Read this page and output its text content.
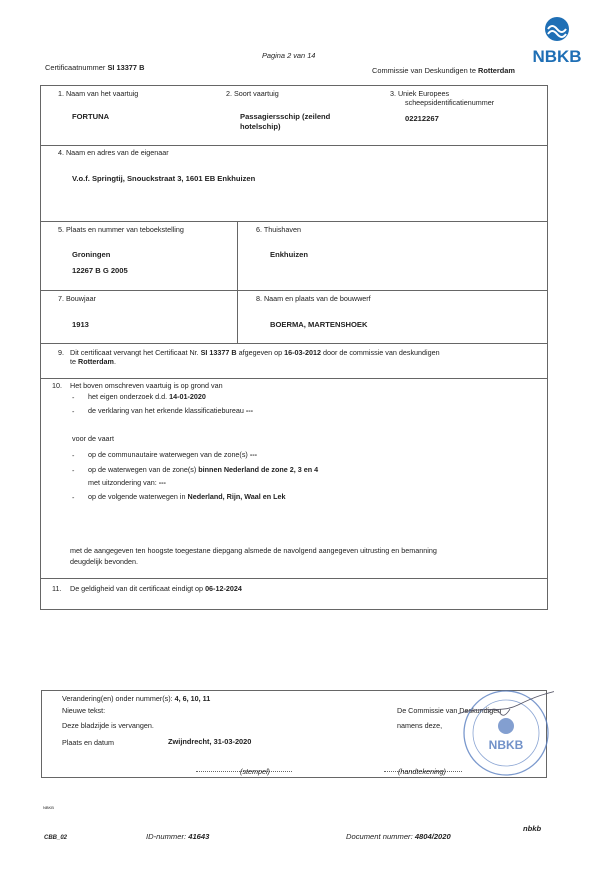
Pagina 2 van 14
Certificaatnummer SI 13377 B	Commissie van Deskundigen te Rotterdam
NBKB
1. Naam van het vaartuig
FORTUNA
2. Soort vaartuig
Passagiersschip (zeilend
hotelschip)
3. Uniek Europees
scheepsidentificatienummer
02212267
4. Naam en adres van de eigenaar
V.o.f. Springtij, Snouckstraat 3, 1601 EB Enkhuizen
5. Plaats en nummer van teboekstelling
Groningen
12267 B G 2005
6. Thuishaven
Enkhuizen
7. Bouwjaar
1913
8. Naam en plaats van de bouwwerf
BOERMA, MARTENSHOEK
9. Dit certificaat vervangt het Certificaat Nr. SI 13377 B afgegeven op 16-03-2012 door de commissie van deskundigen
te Rotterdam.
10. Het boven omschreven vaartuig is op grond van
- het eigen onderzoek d.d. 14-01-2020
- de verklaring van het erkende klassificatiebureau ---
voor de vaart
- op de communautaire waterwegen van de zone(s) ---
- op de waterwegen van de zone(s) binnen Nederland de zone 2, 3 en 4
met uitzondering van: ---
- op de volgende waterwegen in Nederland, Rijn, Waal en Lek
met de aangegeven ten hoogste toegestane diepgang alsmede de navolgend aangegeven uitrusting en bemanning
deugdelijk bevonden.
11. De geldigheid van dit certificaat eindigt op 06-12-2024
Verandering(en) onder nummer(s): 4, 6, 10, 11
Nieuwe tekst:
Deze bladzijde is vervangen.
Plaats en datum	Zwijndrecht, 31-03-2020
(stempel)
De Commissie van Deskundigen
namens deze,
(handtekening)
NBKB
NBKB
CBB_02	ID-nummer: 41643	Document nummer: 4804/2020
nbkb
